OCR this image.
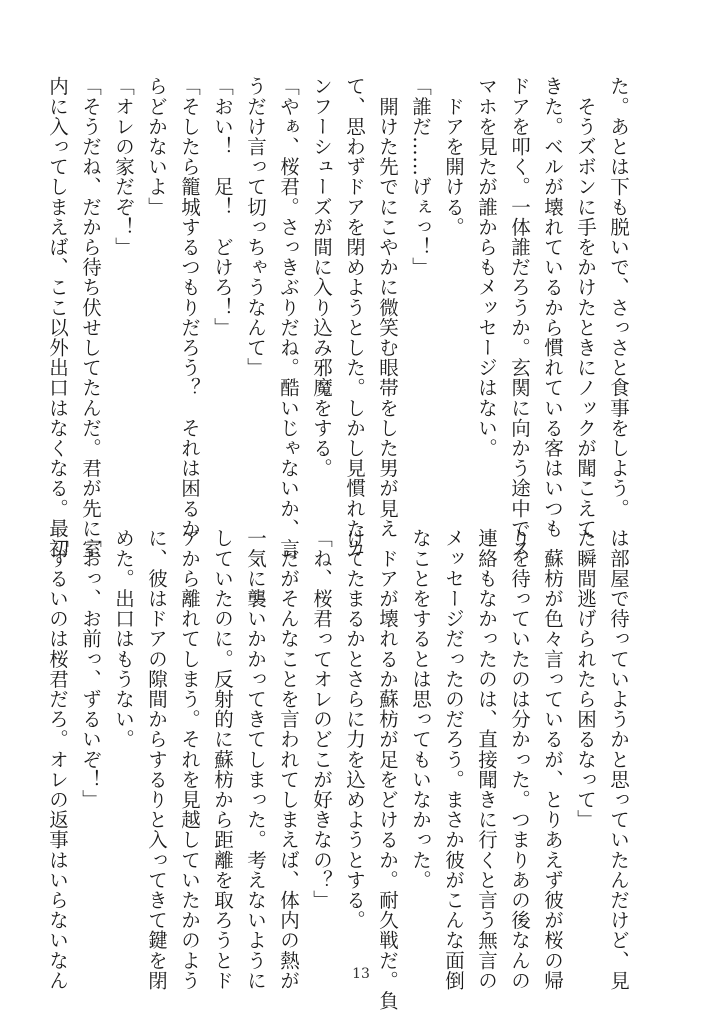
た。あとは下も脱いで、さっさと食事をしよう。
　そうズボンに手をかけたときにノックが聞こえて
きた。ベルが壊れているから慣れている客はいつも
ドアを叩く。一体誰だろうか。玄関に向かう途中でス
マホを見たが誰からもメッセージはない。
　ドアを開ける。
「誰だ……げぇっ！」
　開けた先でにこやかに微笑む眼帯をした男が見え
て、思わずドアを閉めようとした。しかし見慣れたカ
ンフーシューズが間に入り込み邪魔をする。
「やぁ、桜君。さっきぶりだね。酷いじゃないか、言
うだけ言って切っちゃうなんて」
「おい！　足！　どけろ！」
「そしたら籠城するつもりだろう？　それは困るか
らどかないよ」
「オレの家だぞ！」
「そうだね、だから待ち伏せしてたんだ。君が先に室
内に入ってしまえば、ここ以外出口はなくなる。最初
は部屋で待っていようかと思っていたんだけど、見
た瞬間逃げられたら困るなって」
　蘇枋が色々言っているが、とりあえず彼が桜の帰
りを待っていたのは分かった。つまりあの後なんの
連絡もなかったのは、直接聞きに行くと言う無言の
メッセージだったのだろう。まさか彼がこんな面倒
なことをするとは思ってもいなかった。
　ドアが壊れるか蘇枋が足をどけるか。耐久戦だ。負
けてたまるかとさらに力を込めようとする。
「ね、桜君ってオレのどこが好きなの？」
　だがそんなことを言われてしまえば、体内の熱が
一気に襲いかかってきてしまった。考えないように
していたのに。反射的に蘇枋から距離を取ろうとド
アから離れてしまう。それを見越していたかのよう
に、彼はドアの隙間からするりと入ってきて鍵を閉
めた。出口はもうない。
「おっ、お前っ、ずるいぞ！」
「ずるいのは桜君だろ。オレの返事はいらないなん	13
